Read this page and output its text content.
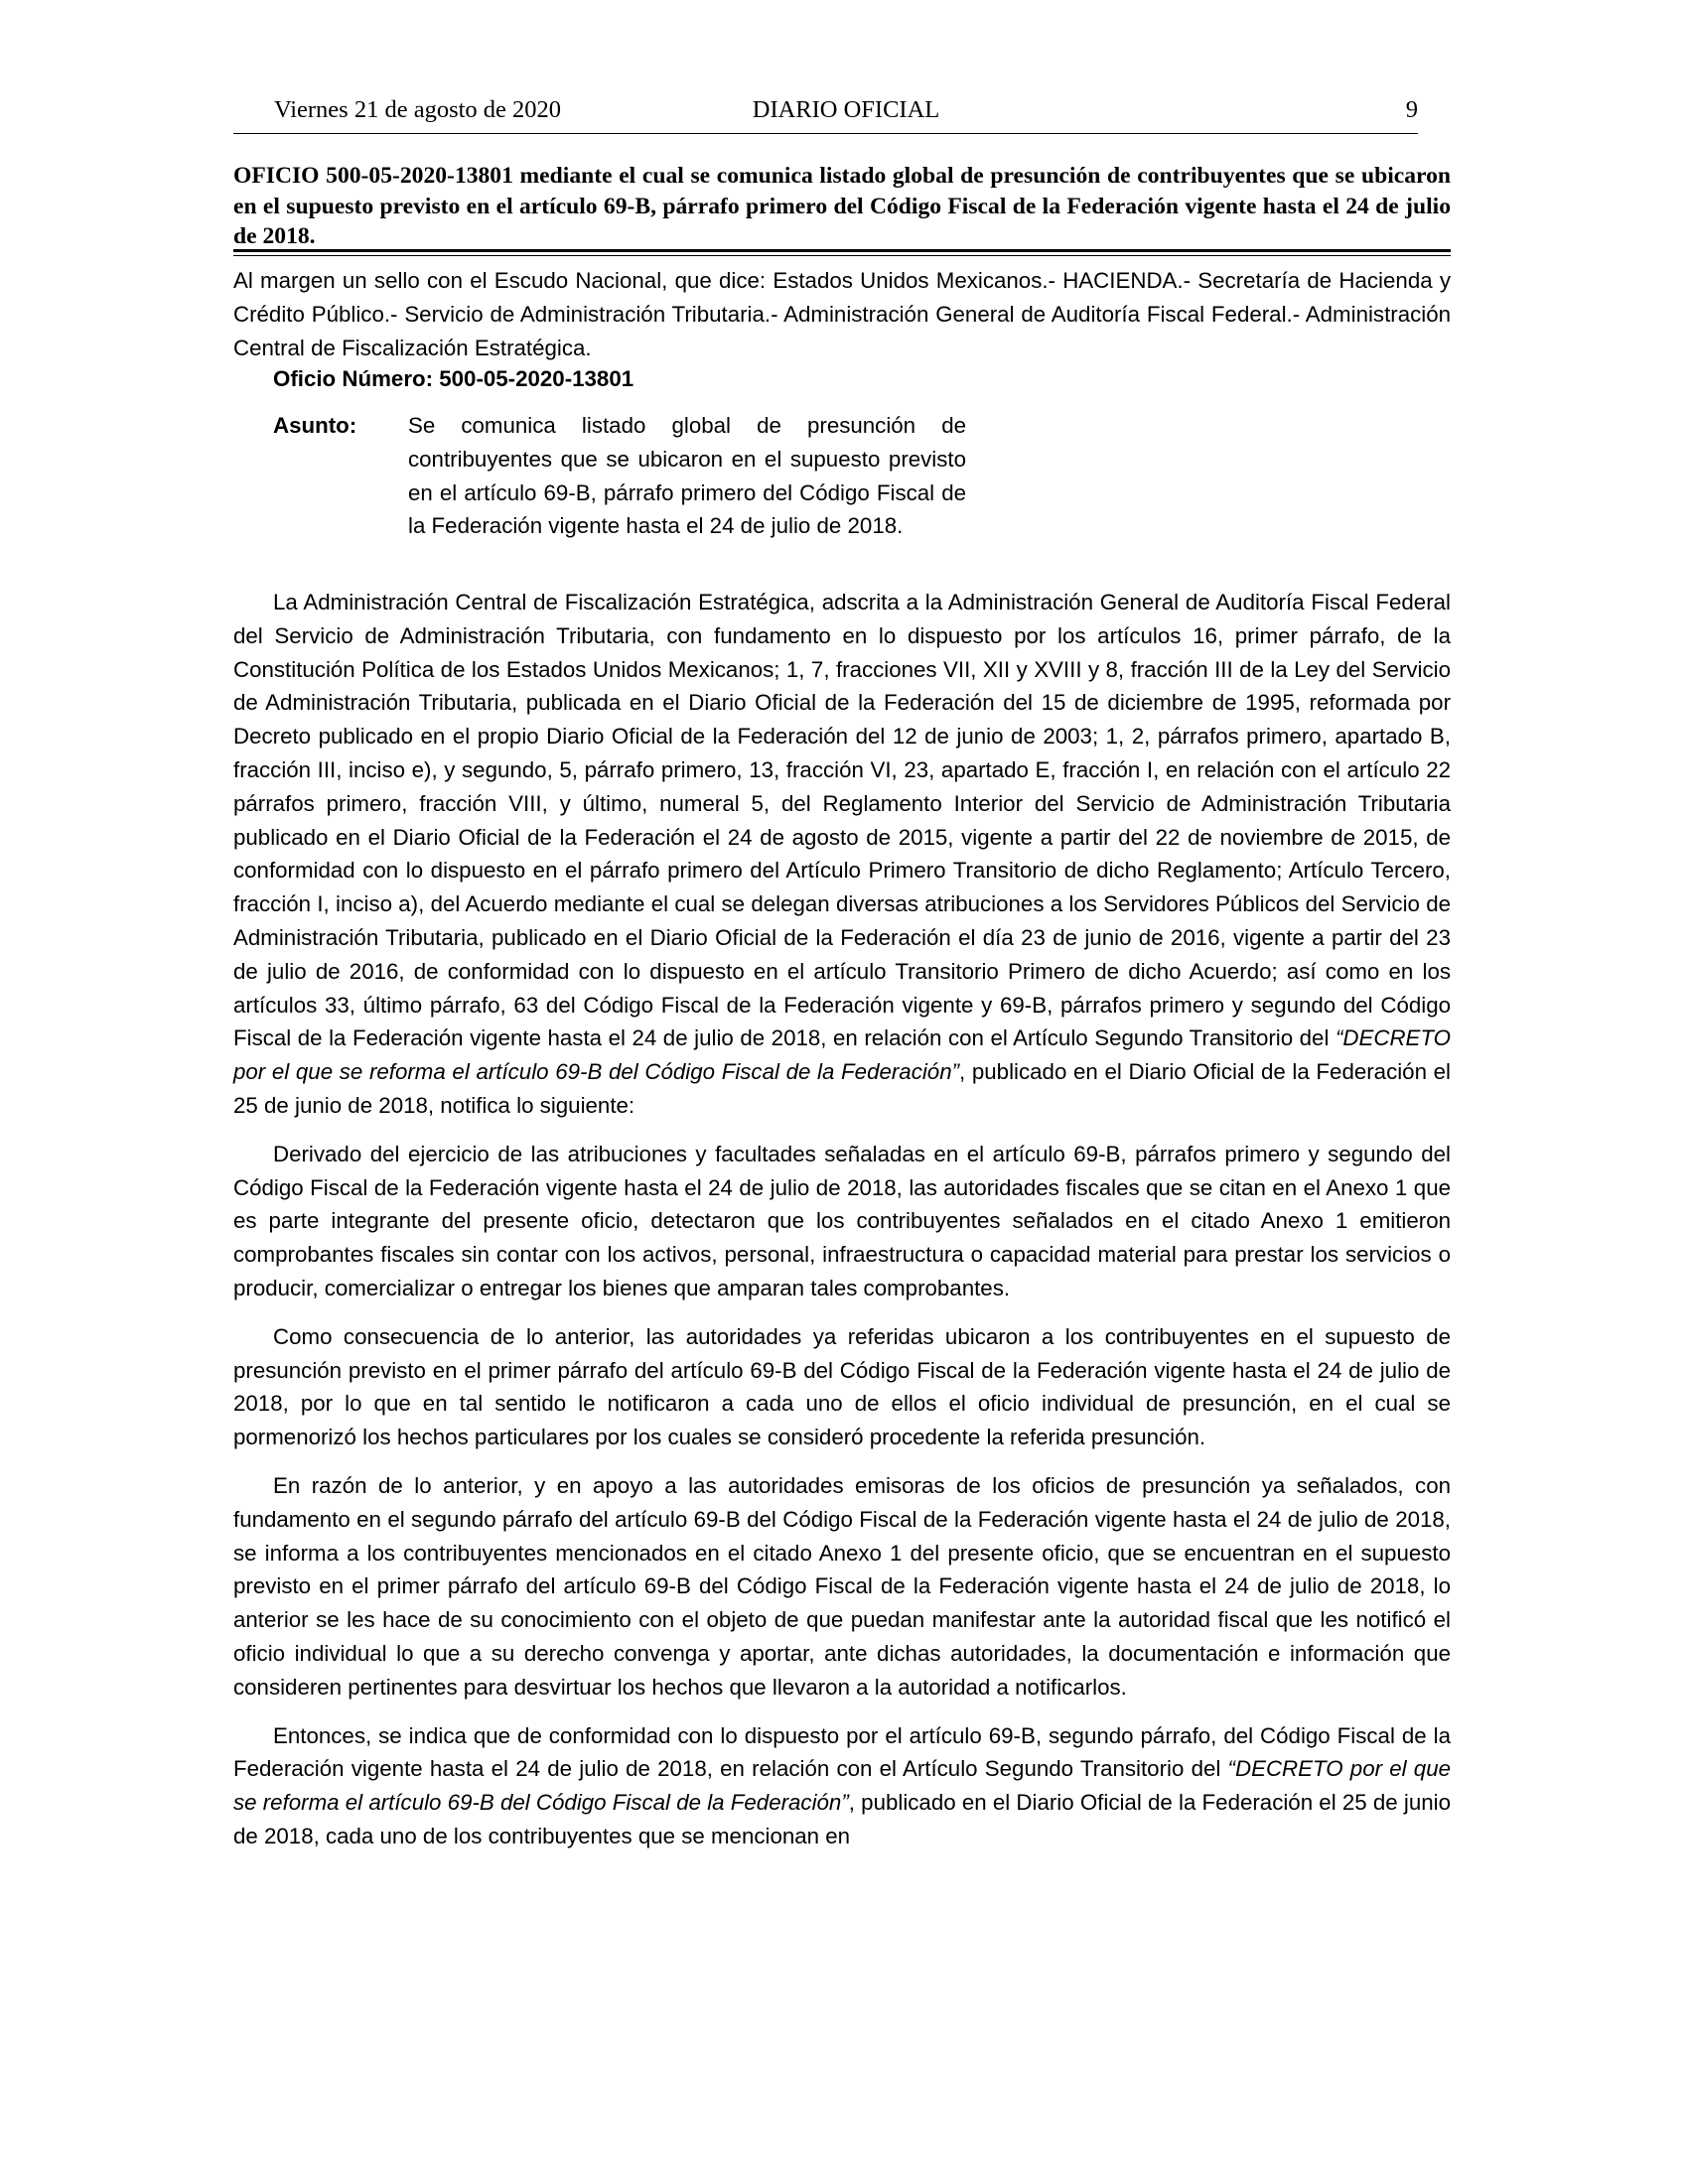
Viernes 21 de agosto de 2020	DIARIO OFICIAL	9
OFICIO 500-05-2020-13801 mediante el cual se comunica listado global de presunción de contribuyentes que se ubicaron en el supuesto previsto en el artículo 69-B, párrafo primero del Código Fiscal de la Federación vigente hasta el 24 de julio de 2018.
Al margen un sello con el Escudo Nacional, que dice: Estados Unidos Mexicanos.- HACIENDA.- Secretaría de Hacienda y Crédito Público.- Servicio de Administración Tributaria.- Administración General de Auditoría Fiscal Federal.- Administración Central de Fiscalización Estratégica.
Oficio Número: 500-05-2020-13801
Asunto: Se comunica listado global de presunción de contribuyentes que se ubicaron en el supuesto previsto en el artículo 69-B, párrafo primero del Código Fiscal de la Federación vigente hasta el 24 de julio de 2018.

La Administración Central de Fiscalización Estratégica, adscrita a la Administración General de Auditoría Fiscal Federal del Servicio de Administración Tributaria, con fundamento en lo dispuesto por los artículos 16, primer párrafo, de la Constitución Política de los Estados Unidos Mexicanos; 1, 7, fracciones VII, XII y XVIII y 8, fracción III de la Ley del Servicio de Administración Tributaria, publicada en el Diario Oficial de la Federación del 15 de diciembre de 1995, reformada por Decreto publicado en el propio Diario Oficial de la Federación del 12 de junio de 2003; 1, 2, párrafos primero, apartado B, fracción III, inciso e), y segundo, 5, párrafo primero, 13, fracción VI, 23, apartado E, fracción I, en relación con el artículo 22 párrafos primero, fracción VIII, y último, numeral 5, del Reglamento Interior del Servicio de Administración Tributaria publicado en el Diario Oficial de la Federación el 24 de agosto de 2015, vigente a partir del 22 de noviembre de 2015, de conformidad con lo dispuesto en el párrafo primero del Artículo Primero Transitorio de dicho Reglamento; Artículo Tercero, fracción I, inciso a), del Acuerdo mediante el cual se delegan diversas atribuciones a los Servidores Públicos del Servicio de Administración Tributaria, publicado en el Diario Oficial de la Federación el día 23 de junio de 2016, vigente a partir del 23 de julio de 2016, de conformidad con lo dispuesto en el artículo Transitorio Primero de dicho Acuerdo; así como en los artículos 33, último párrafo, 63 del Código Fiscal de la Federación vigente y 69-B, párrafos primero y segundo del Código Fiscal de la Federación vigente hasta el 24 de julio de 2018, en relación con el Artículo Segundo Transitorio del “DECRETO por el que se reforma el artículo 69-B del Código Fiscal de la Federación”, publicado en el Diario Oficial de la Federación el 25 de junio de 2018, notifica lo siguiente:

Derivado del ejercicio de las atribuciones y facultades señaladas en el artículo 69-B, párrafos primero y segundo del Código Fiscal de la Federación vigente hasta el 24 de julio de 2018, las autoridades fiscales que se citan en el Anexo 1 que es parte integrante del presente oficio, detectaron que los contribuyentes señalados en el citado Anexo 1 emitieron comprobantes fiscales sin contar con los activos, personal, infraestructura o capacidad material para prestar los servicios o producir, comercializar o entregar los bienes que amparan tales comprobantes.

Como consecuencia de lo anterior, las autoridades ya referidas ubicaron a los contribuyentes en el supuesto de presunción previsto en el primer párrafo del artículo 69-B del Código Fiscal de la Federación vigente hasta el 24 de julio de 2018, por lo que en tal sentido le notificaron a cada uno de ellos el oficio individual de presunción, en el cual se pormenorizó los hechos particulares por los cuales se consideró procedente la referida presunción.

En razón de lo anterior, y en apoyo a las autoridades emisoras de los oficios de presunción ya señalados, con fundamento en el segundo párrafo del artículo 69-B del Código Fiscal de la Federación vigente hasta el 24 de julio de 2018, se informa a los contribuyentes mencionados en el citado Anexo 1 del presente oficio, que se encuentran en el supuesto previsto en el primer párrafo del artículo 69-B del Código Fiscal de la Federación vigente hasta el 24 de julio de 2018, lo anterior se les hace de su conocimiento con el objeto de que puedan manifestar ante la autoridad fiscal que les notificó el oficio individual lo que a su derecho convenga y aportar, ante dichas autoridades, la documentación e información que consideren pertinentes para desvirtuar los hechos que llevaron a la autoridad a notificarlos.

Entonces, se indica que de conformidad con lo dispuesto por el artículo 69-B, segundo párrafo, del Código Fiscal de la Federación vigente hasta el 24 de julio de 2018, en relación con el Artículo Segundo Transitorio del “DECRETO por el que se reforma el artículo 69-B del Código Fiscal de la Federación”, publicado en el Diario Oficial de la Federación el 25 de junio de 2018, cada uno de los contribuyentes que se mencionan en
